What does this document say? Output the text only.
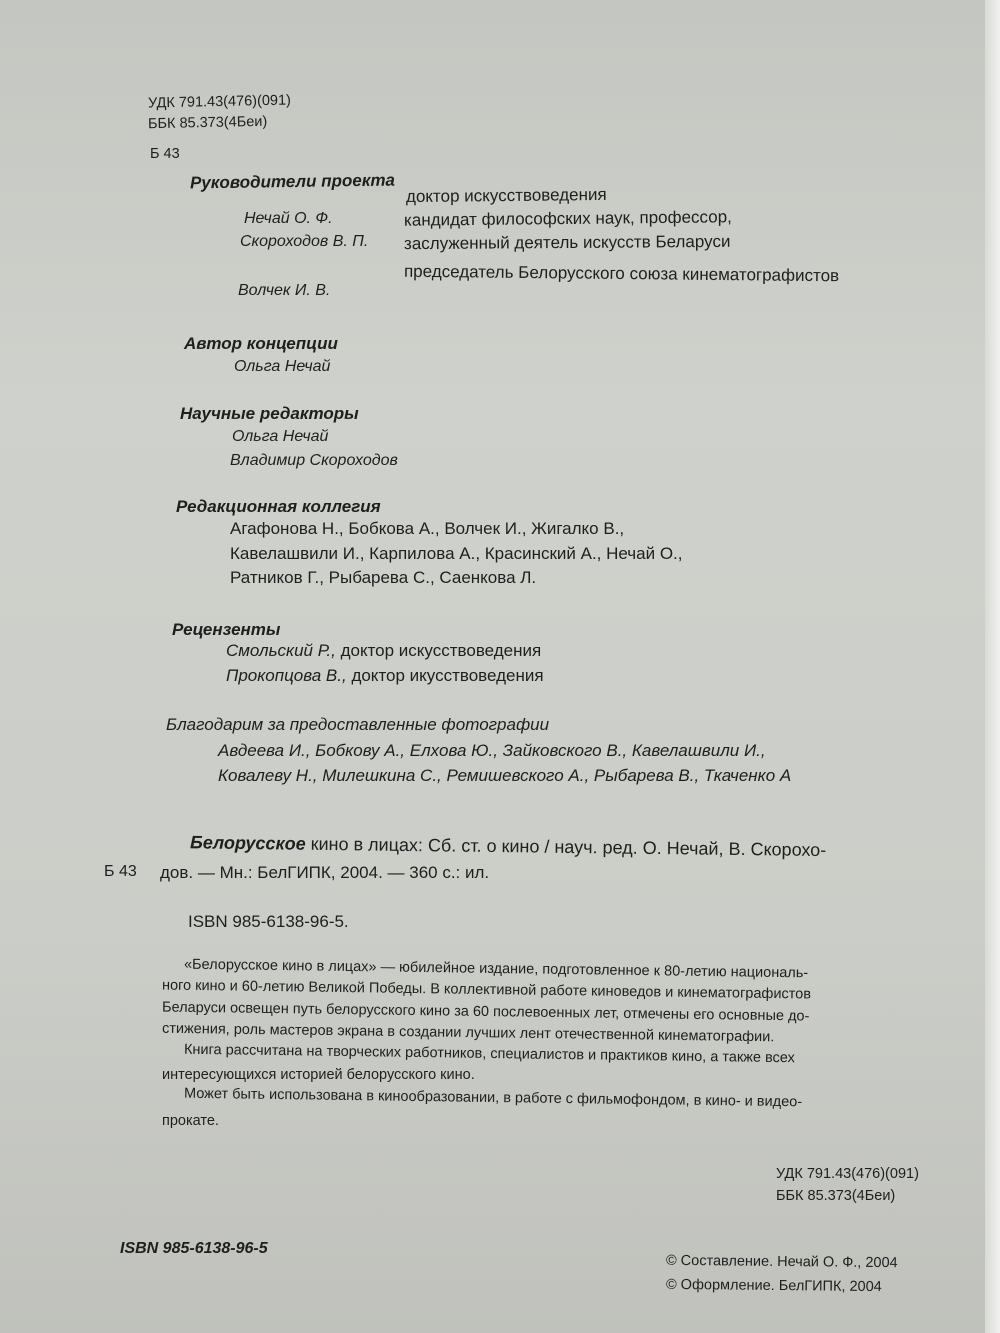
УДК 791.43(476)(091)
ББК 85.373(4Беи)
Б 43
Руководители проекта
Нечай О. Ф.
доктор искусствоведения
Скороходов В. П.
кандидат философских наук, профессор,
заслуженный деятель искусств Беларуси
Волчек И. В.
председатель Белорусского союза кинематографистов
Автор концепции
Ольга Нечай
Научные редакторы
Ольга Нечай
Владимир Скороходов
Редакционная коллегия
Агафонова Н., Бобкова А., Волчек И., Жигалко В.,
Кавелашвили И., Карпилова А., Красинский А., Нечай О.,
Ратников Г., Рыбарева С., Саенкова Л.
Рецензенты
Смольский Р., доктор искусствоведения
Прокопцова В., доктор икусствоведения
Благодарим за предоставленные фотографии
Авдеева И., Бобкову А., Елхова Ю., Зайковского В., Кавелашвили И.,
Ковалеву Н., Милешкина С., Ремишевского А., Рыбарева В., Ткаченко А
Белорусское кино в лицах: Сб. ст. о кино / науч. ред. О. Нечай, В. Скорохо-
Б 43 дов. — Мн.: БелГИПК, 2004. — 360 с.: ил.
ISBN 985-6138-96-5.
«Белорусское кино в лицах» — юбилейное издание, подготовленное к 80-летию националь-
ного кино и 60-летию Великой Победы. В коллективной работе киноведов и кинематографистов
Беларуси освещен путь белорусского кино за 60 послевоенных лет, отмечены его основные до-
стижения, роль мастеров экрана в создании лучших лент отечественной кинематографии.
Книга рассчитана на творческих работников, специалистов и практиков кино, а также всех
интересующихся историей белорусского кино.
Может быть использована в кинообразовании, в работе с фильмофондом, в кино- и видео-
прокате.
УДК 791.43(476)(091)
ББК 85.373(4Беи)
ISBN 985-6138-96-5
© Составление. Нечай О. Ф., 2004
© Оформление. БелГИПК, 2004
